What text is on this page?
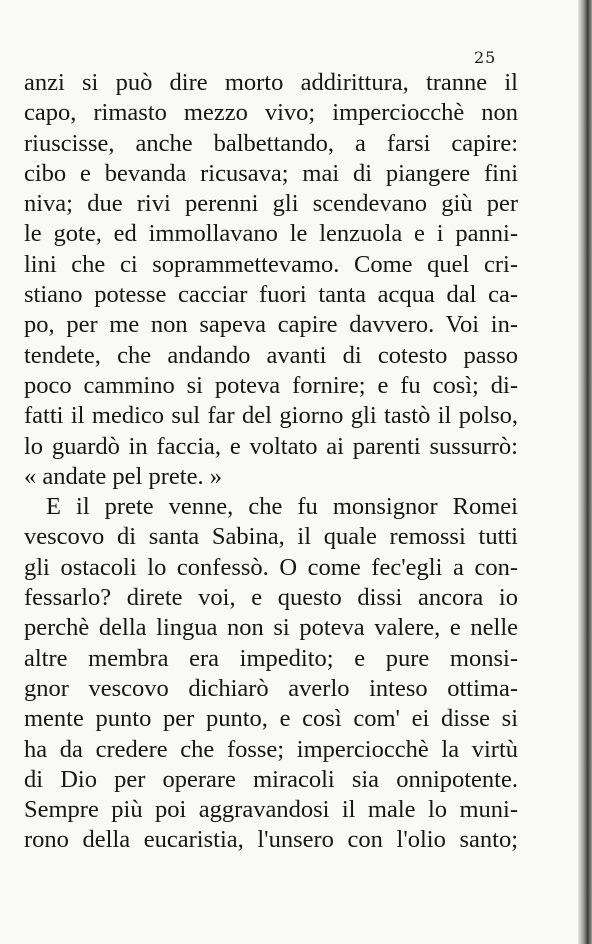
25
anzi si può dire morto addirittura, tranne il
capo, rimasto mezzo vivo; imperciocchè non
riuscisse, anche balbettando, a farsi capire:
cibo e bevanda ricusava; mai di piangere fini
niva; due rivi perenni gli scendevano giù per
le gote, ed immollavano le lenzuola e i panni-
lini che ci soprammettevamo. Come quel cri-
stiano potesse cacciar fuori tanta acqua dal ca-
po, per me non sapeva capire davvero. Voi in-
tendete, che andando avanti di cotesto passo
poco cammino si poteva fornire; e fu così; di-
fatti il medico sul far del giorno gli tastò il polso,
lo guardò in faccia, e voltato ai parenti sussurrò:
« andate pel prete. »
E il prete venne, che fu monsignor Romei
vescovo di santa Sabina, il quale remossi tutti
gli ostacoli lo confessò. O come fec'egli a con-
fessarlo? direte voi, e questo dissi ancora io
perchè della lingua non si poteva valere, e nelle
altre membra era impedito; e pure monsi-
gnor vescovo dichiarò averlo inteso ottima-
mente punto per punto, e così com' ei disse si
ha da credere che fosse; imperciocchè la virtù
di Dio per operare miracoli sia onnipotente.
Sempre più poi aggravandosi il male lo muni-
rono della eucaristia, l'unsero con l'olio santo;
